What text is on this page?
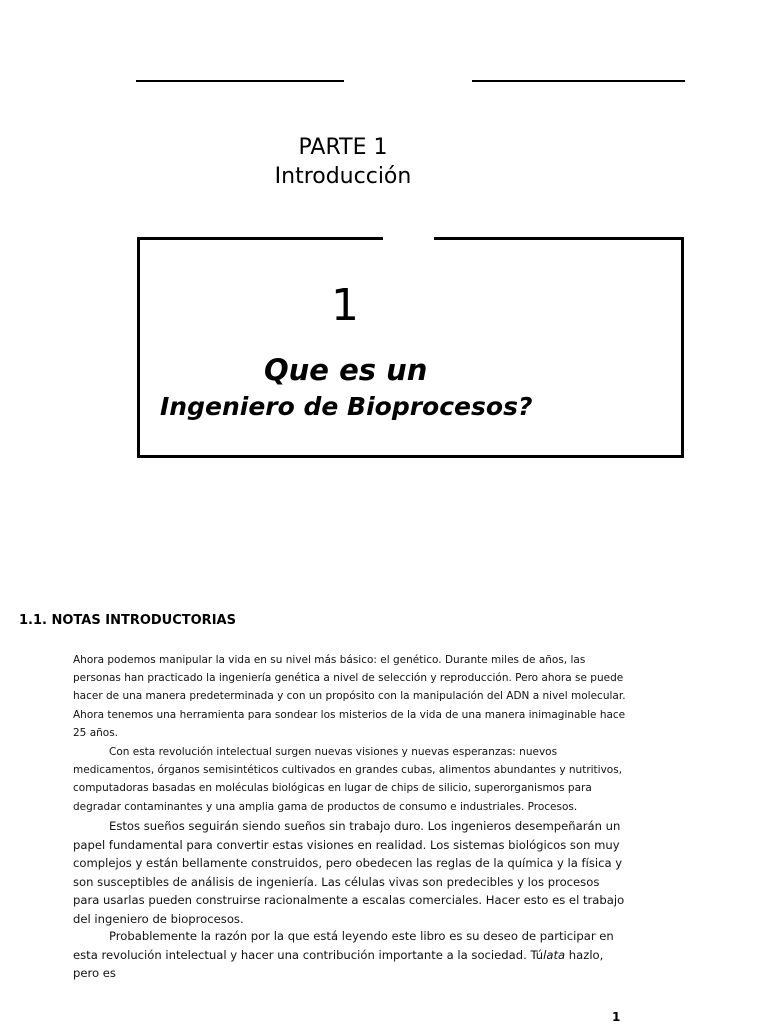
PARTE 1
Introducción
1
Que es un
Ingeniero de Bioprocesos?
1.1. NOTAS INTRODUCTORIAS

Ahora podemos manipular la vida en su nivel más básico: el genético. Durante miles de años, las personas han practicado la ingeniería genética a nivel de selección y reproducción. Pero ahora se puede hacer de una manera predeterminada y con un propósito con la manipulación del ADN a nivel molecular. Ahora tenemos una herramienta para sondear los misterios de la vida de una manera inimaginable hace 25 años.

Con esta revolución intelectual surgen nuevas visiones y nuevas esperanzas: nuevos medicamentos, órganos semisintéticos cultivados en grandes cubas, alimentos abundantes y nutritivos, computadoras basadas en moléculas biológicas en lugar de chips de silicio, superorganismos para degradar contaminantes y una amplia gama de productos de consumo e industriales. Procesos.

Estos sueños seguirán siendo sueños sin trabajo duro. Los ingenieros desempeñarán un papel fundamental para convertir estas visiones en realidad. Los sistemas biológicos son muy complejos y están bellamente construidos, pero obedecen las reglas de la química y la física y son susceptibles de análisis de ingeniería. Las células vivas son predecibles y los procesos para usarlas pueden construirse racionalmente a escalas comerciales. Hacer esto es el trabajo del ingeniero de bioprocesos.

Probablemente la razón por la que está leyendo este libro es su deseo de participar en esta revolución intelectual y hacer una contribución importante a la sociedad. Túlata hazlo, pero es

1
